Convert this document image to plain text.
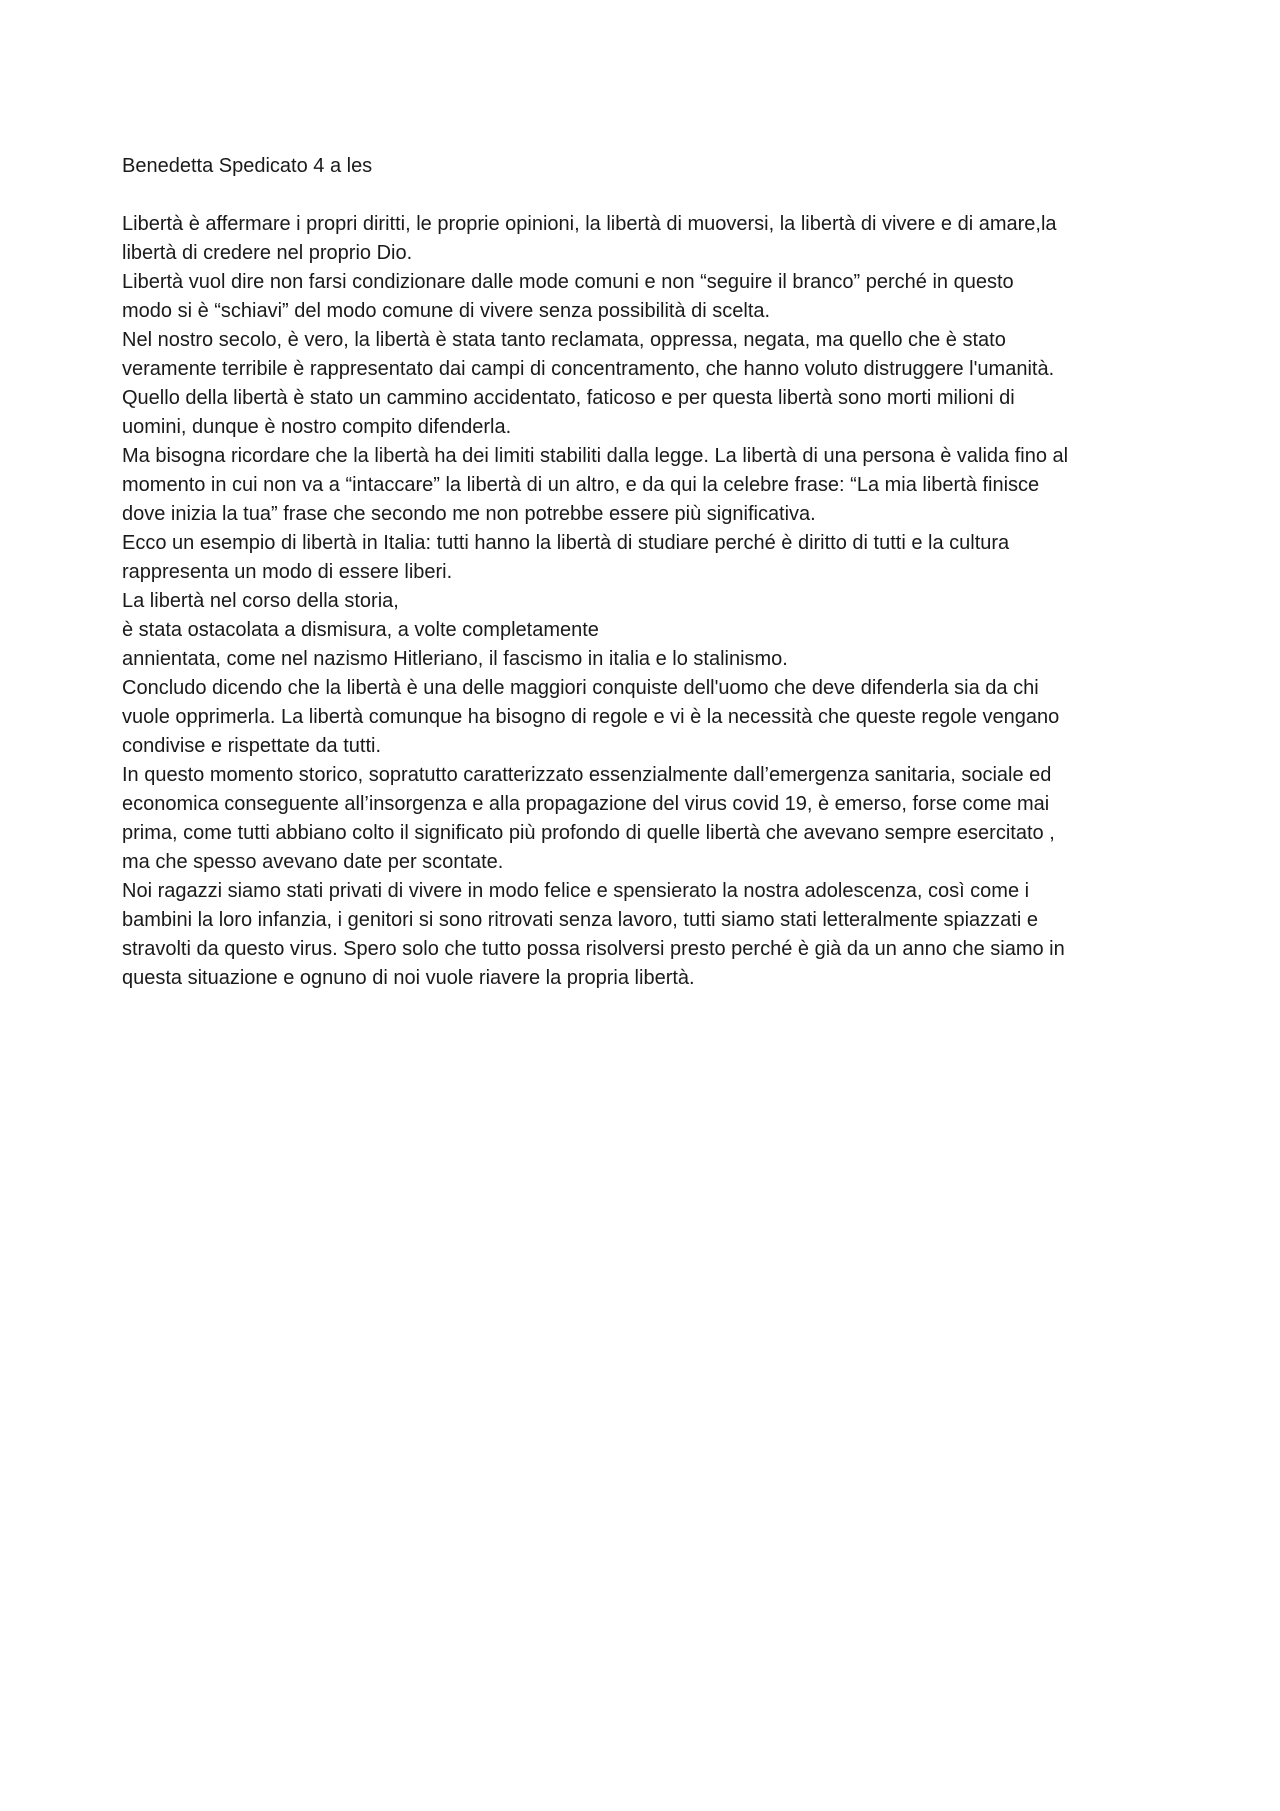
Benedetta Spedicato 4 a les

Libertà è affermare i propri diritti, le proprie opinioni, la libertà di muoversi, la libertà di vivere e di amare,la
libertà di credere nel proprio Dio.

Libertà vuol dire non farsi condizionare dalle mode comuni e non “seguire il branco” perché in questo
modo si è “schiavi” del modo comune di vivere senza possibilità di scelta.

Nel nostro secolo, è vero, la libertà è stata tanto reclamata, oppressa, negata, ma quello che è stato
veramente terribile è rappresentato dai campi di concentramento, che hanno voluto distruggere l'umanità.

Quello della libertà è stato un cammino accidentato, faticoso e per questa libertà sono morti milioni di
uomini, dunque è nostro compito difenderla.

Ma bisogna ricordare che la libertà ha dei limiti stabiliti dalla legge. La libertà di una persona è valida fino al
momento in cui non va a “intaccare” la libertà di un altro, e da qui la celebre frase: “La mia libertà finisce
dove inizia la tua” frase che secondo me non potrebbe essere più significativa.

Ecco un esempio di libertà in Italia: tutti hanno la libertà di studiare perché è diritto di tutti e la cultura
rappresenta un modo di essere liberi.

La libertà nel corso della storia,
è stata ostacolata a dismisura, a volte completamente
annientata, come nel nazismo Hitleriano, il fascismo in italia e lo stalinismo.

Concludo dicendo che la libertà è una delle maggiori conquiste dell'uomo che deve difenderla sia da chi
vuole opprimerla. La libertà comunque ha bisogno di regole e vi è la necessità che queste regole vengano
condivise e rispettate da tutti.

In questo momento storico, sopratutto caratterizzato essenzialmente dall’emergenza sanitaria, sociale ed
economica conseguente all’insorgenza e alla propagazione del virus covid 19, è emerso, forse come mai
prima, come tutti abbiano colto il significato più profondo di quelle libertà che avevano sempre esercitato ,
ma che spesso avevano date per scontate.

Noi ragazzi siamo stati privati di vivere in modo felice e spensierato la nostra adolescenza, così come i
bambini la loro infanzia, i genitori si sono ritrovati senza lavoro, tutti siamo stati letteralmente spiazzati e
stravolti da questo virus. Spero solo che tutto possa risolversi presto perché è già da un anno che siamo in
questa situazione e ognuno di noi vuole riavere la propria libertà.
